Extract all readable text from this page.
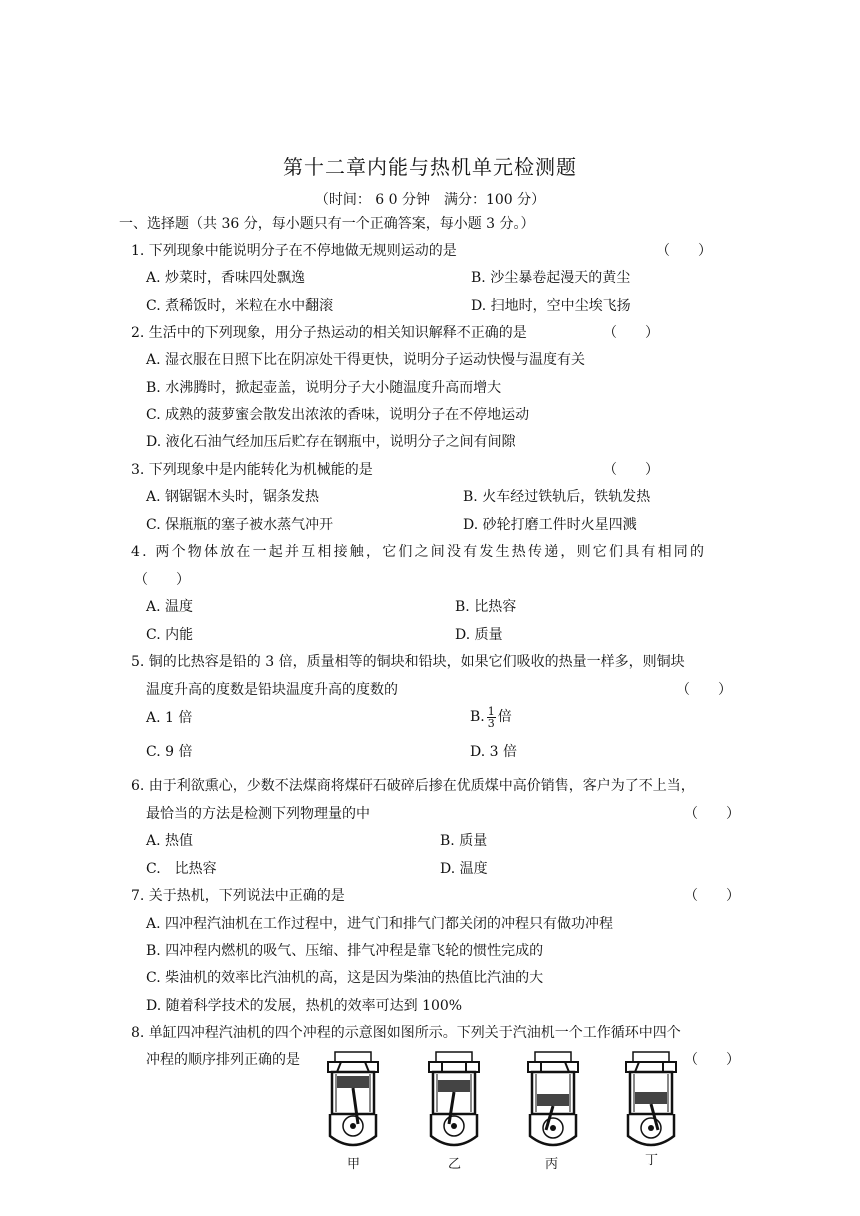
第十二章内能与热机单元检测题
（时间： 6 0 分钟　满分：100 分）
一、选择题（共 36 分，每小题只有一个正确答案，每小题 3 分。）
1. 下列现象中能说明分子在不停地做无规则运动的是	（　　）
A. 炒菜时，香味四处飘逸	B. 沙尘暴卷起漫天的黄尘
C. 煮稀饭时，米粒在水中翻滚	D. 扫地时，空中尘埃飞扬
2. 生活中的下列现象，用分子热运动的相关知识解释不正确的是	（　　）
A. 湿衣服在日照下比在阴凉处干得更快，说明分子运动快慢与温度有关
B. 水沸腾时，掀起壶盖，说明分子大小随温度升高而增大
C. 成熟的菠萝蜜会散发出浓浓的香味，说明分子在不停地运动
D. 液化石油气经加压后贮存在钢瓶中，说明分子之间有间隙
3. 下列现象中是内能转化为机械能的是	（　　）
A. 钢锯锯木头时，锯条发热	B. 火车经过铁轨后，铁轨发热
C. 保瓶瓶的塞子被水蒸气冲开	D. 砂轮打磨工件时火星四溅
4. 两个物体放在一起并互相接触，它们之间没有发生热传递，则它们具有相同的
（　　）
A. 温度	B. 比热容
C. 内能	D. 质量
5. 铜的比热容是铅的 3 倍，质量相等的铜块和铅块，如果它们吸收的热量一样多，则铜块
温度升高的度数是铅块温度升高的度数的	（　　）
A. 1 倍	B. $\frac{1}{3}$ 倍
C. 9 倍	D. 3 倍
6. 由于利欲熏心，少数不法煤商将煤矸石破碎后掺在优质煤中高价销售，客户为了不上当，
最恰当的方法是检测下列物理量的中	（　　）
A. 热值	B. 质量
C.　比热容	D. 温度
7. 关于热机，下列说法中正确的是	（　　）
A. 四冲程汽油机在工作过程中，进气门和排气门都关闭的冲程只有做功冲程
B. 四冲程内燃机的吸气、压缩、排气冲程是靠飞轮的惯性完成的
C. 柴油机的效率比汽油机的高，这是因为柴油的热值比汽油的大
D. 随着科学技术的发展，热机的效率可达到 100%
8. 单缸四冲程汽油机的四个冲程的示意图如图所示。下列关于汽油机一个工作循环中四个
冲程的顺序排列正确的是	（　　）
甲	乙	丙	丁
